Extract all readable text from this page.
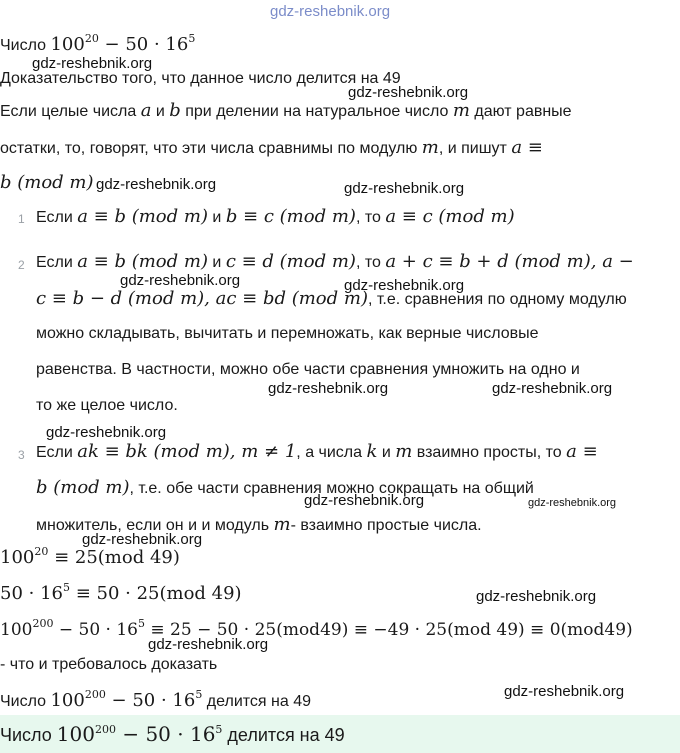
gdz-reshebnik.org
Число $100^{20} - 50 \cdot 16^5$
gdz-reshebnik.org
Доказательство того, что данное число делится на 49
gdz-reshebnik.org
Если целые числа a и b при делении на натуральное число m дают равные
остатки, то, говорят, что эти числа сравнимы по модулю m, и пишут a ≡
b (mod m) gdz-reshebnik.org	gdz-reshebnik.org
1 Если a ≡ b (mod m) и b ≡ c (mod m), то a ≡ c (mod m)
2 Если a ≡ b (mod m) и c ≡ d (mod m), то a + c ≡ b + d (mod m), a −
gdz-reshebnik.org	gdz-reshebnik.org
c ≡ b − d (mod m), ac ≡ bd (mod m), т.е. сравнения по одному модулю
можно складывать, вычитать и перемножать, как верные числовые
равенства. В частности, можно обе части сравнения умножить на одно и
gdz-reshebnik.org	gdz-reshebnik.org
то же целое число.
gdz-reshebnik.org
3 Если ak ≡ bk (mod m), m ≠ 1, а числа k и m взаимно просты, то a ≡
b (mod m), т.е. обе части сравнения можно сокращать на общий
gdz-reshebnik.org	gdz-reshebnik.org
множитель, если он и и модуль m- взаимно простые числа.
gdz-reshebnik.org
$100^{20} \equiv 25(mod$ 49)
$50 \cdot 16^5 \equiv 50 \cdot 25(mod$ 49)	gdz-reshebnik.org
$100^{200} - 50 \cdot 16^5 \equiv 25 - 50 \cdot 25(mod49) \equiv -49 \cdot 25(mod$ 49) ≡ 0(mod49)
gdz-reshebnik.org
- что и требовалось доказать
Число $100^{200} - 50 \cdot 16^5$ делится на 49
gdz-reshebnik.org
Число $100^{200} - 50 \cdot 16^5$ делится на 49
